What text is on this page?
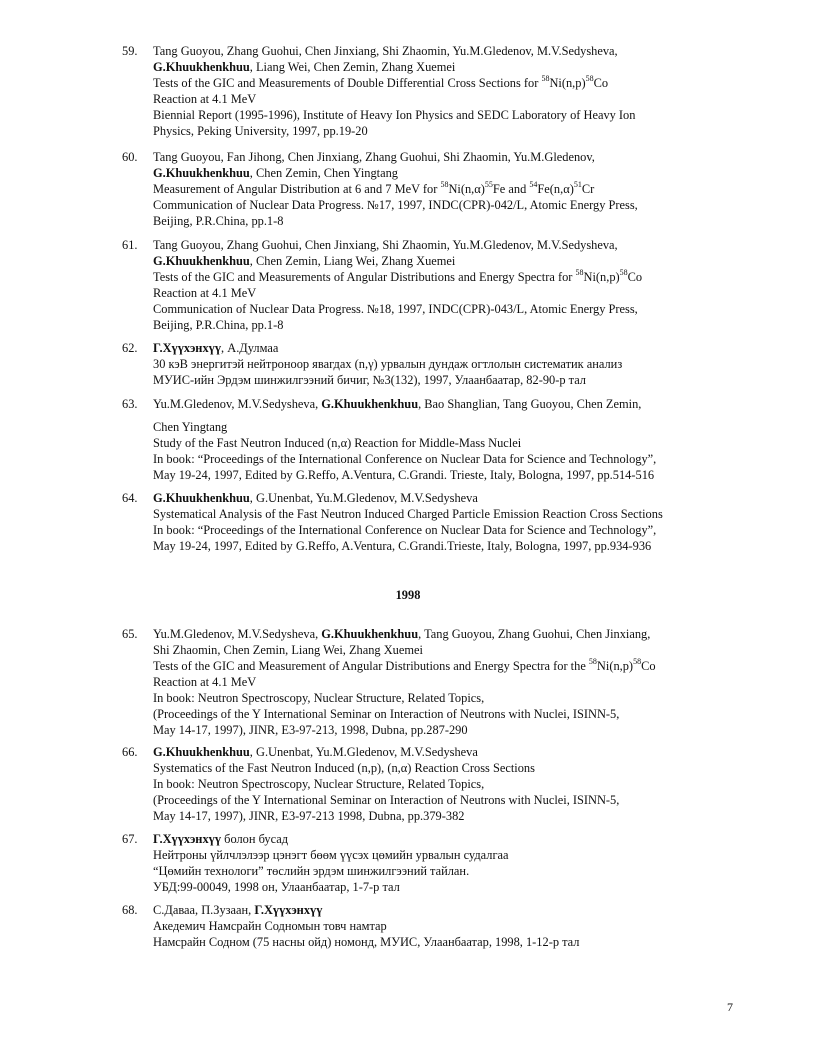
59.	Tang Guoyou, Zhang Guohui, Chen Jinxiang, Shi Zhaomin, Yu.M.Gledenov, M.V.Sedysheva,
G.Khuukhenkhuu, Liang Wei, Chen Zemin, Zhang Xuemei
Tests of the GIC and Measurements of Double Differential Cross Sections for $^{58}Ni(n,p)^{58}Co$
Reaction at 4.1 MeV
Biennial Report (1995-1996), Institute of Heavy Ion Physics and SEDC Laboratory of Heavy Ion
Physics, Peking University, 1997, pp.19-20
60.	Tang Guoyou, Fan Jihong, Chen Jinxiang, Zhang Guohui, Shi Zhaomin, Yu.M.Gledenov,
G.Khuukhenkhuu, Chen Zemin, Chen Yingtang
Measurement of Angular Distribution at 6 and 7 MeV for $^{58}Ni(n,\alpha)^{55}Fe$ and $^{54}Fe(n,\alpha)^{51}Cr$
Communication of Nuclear Data Progress. №17, 1997, INDC(CPR)-042/L, Atomic Energy Press,
Beijing, P.R.China, pp.1-8
61.	Tang Guoyou, Zhang Guohui, Chen Jinxiang, Shi Zhaomin, Yu.M.Gledenov, M.V.Sedysheva,
G.Khuukhenkhuu, Chen Zemin, Liang Wei, Zhang Xuemei
Tests of the GIC and Measurements of Angular Distributions and Energy Spectra for $^{58}Ni(n,p)^{58}Co$
Reaction at 4.1 MeV
Communication of Nuclear Data Progress. №18, 1997, INDC(CPR)-043/L, Atomic Energy Press,
Beijing, P.R.China, pp.1-8
62.	Г.Хүүхэнхүү, А.Дулмаа
30 кэВ энергитэй нейтроноор явагдах (n,γ) урвалын дундаж огтлолын систематик анализ
МУИС-ийн Эрдэм шинжилгээний бичиг, №3(132), 1997, Улаанбаатар, 82-90-р тал
63.	Yu.M.Gledenov, M.V.Sedysheva, G.Khuukhenkhuu, Bao Shanglian, Tang Guoyou, Chen Zemin,
Chen Yingtang
Study of the Fast Neutron Induced (n,α) Reaction for Middle-Mass Nuclei
In book: “Proceedings of the International Conference on Nuclear Data for Science and Technology”,
May 19-24, 1997, Edited by G.Reffo, A.Ventura, C.Grandi. Trieste, Italy, Bologna, 1997, pp.514-516
64.	G.Khuukhenkhuu, G.Unenbat, Yu.M.Gledenov, M.V.Sedysheva
Systematical Analysis of the Fast Neutron Induced Charged Particle Emission Reaction Cross Sections
In book: “Proceedings of the International Conference on Nuclear Data for Science and Technology”,
May 19-24, 1997, Edited by G.Reffo, A.Ventura, C.Grandi.Trieste, Italy, Bologna, 1997, pp.934-936
1998
65.	Yu.M.Gledenov, M.V.Sedysheva, G.Khuukhenkhuu, Tang Guoyou, Zhang Guohui, Chen Jinxiang,
Shi Zhaomin, Chen Zemin, Liang Wei, Zhang Xuemei
Tests of the GIC and Measurement of Angular Distributions and Energy Spectra for the $^{58}Ni(n,p)^{58}Co$
Reaction at 4.1 MeV
In book: Neutron Spectroscopy, Nuclear Structure, Related Topics,
(Proceedings of the Y International Seminar on Interaction of Neutrons with Nuclei, ISINN-5,
May 14-17, 1997), JINR, E3-97-213, 1998, Dubna, pp.287-290
66.	G.Khuukhenkhuu, G.Unenbat, Yu.M.Gledenov, M.V.Sedysheva
Systematics of the Fast Neutron Induced (n,p), (n,α) Reaction Cross Sections
In book: Neutron Spectroscopy, Nuclear Structure, Related Topics,
(Proceedings of the Y International Seminar on Interaction of Neutrons with Nuclei, ISINN-5,
May 14-17, 1997), JINR, E3-97-213 1998, Dubna, pp.379-382
67.	Г.Хүүхэнхүү болон бусад
Нейтроны үйлчлэлээр цэнэгт бөөм үүсэх цөмийн урвалын судалгаа
“Цөмийн технологи” төслийн эрдэм шинжилгээний тайлан.
УБД:99-00049, 1998 он, Улаанбаатар, 1-7-р тал
68.	С.Даваа, П.Зузаан, Г.Хүүхэнхүү
Акедемич Намсрайн Содномын товч намтар
Намсрайн Содном (75 насны ойд) номонд, МУИС, Улаанбаатар, 1998, 1-12-р тал
7
